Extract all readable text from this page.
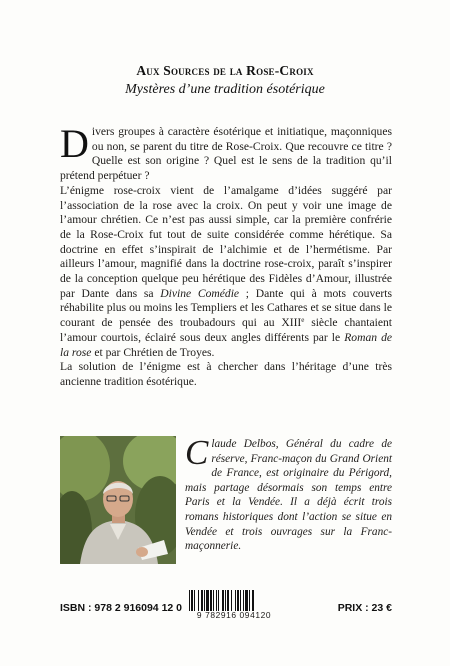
Aux Sources de la Rose-Croix
Mystères d’une tradition ésotérique

Divers groupes à caractère ésotérique et initiatique, maçonniques ou non, se parent du titre de Rose-Croix. Que recouvre ce titre ? Quelle est son origine ? Quel est le sens de la tradition qu’il prétend perpétuer ?

L’énigme rose-croix vient de l’amalgame d’idées suggéré par l’association de la rose avec la croix. On peut y voir une image de l’amour chrétien. Ce n’est pas aussi simple, car la première confrérie de la Rose-Croix fut tout de suite considérée comme hérétique. Sa doctrine en effet s’inspirait de l’alchimie et de l’hermétisme. Par ailleurs l’amour, magnifié dans la doctrine rose-croix, paraît s’inspirer de la conception quelque peu hérétique des Fidèles d’Amour, illustrée par Dante dans sa Divine Comédie ; Dante qui à mots couverts réhabilite plus ou moins les Templiers et les Cathares et se situe dans le courant de pensée des troubadours qui au XIIIe siècle chantaient l’amour courtois, éclairé sous deux angles différents par le Roman de la rose et par Chrétien de Troyes.

La solution de l’énigme est à chercher dans l’héritage d’une très ancienne tradition ésotérique.

Claude Delbos, Général du cadre de réserve, Franc-maçon du Grand Orient de France, est originaire du Périgord, mais partage désormais son temps entre Paris et la Vendée. Il a déjà écrit trois romans historiques dont l’action se situe en Vendée et trois ouvrages sur la Franc-maçonnerie.
ISBN : 978 2 916094 12 0
9 782916 094120
PRIX : 23 €
